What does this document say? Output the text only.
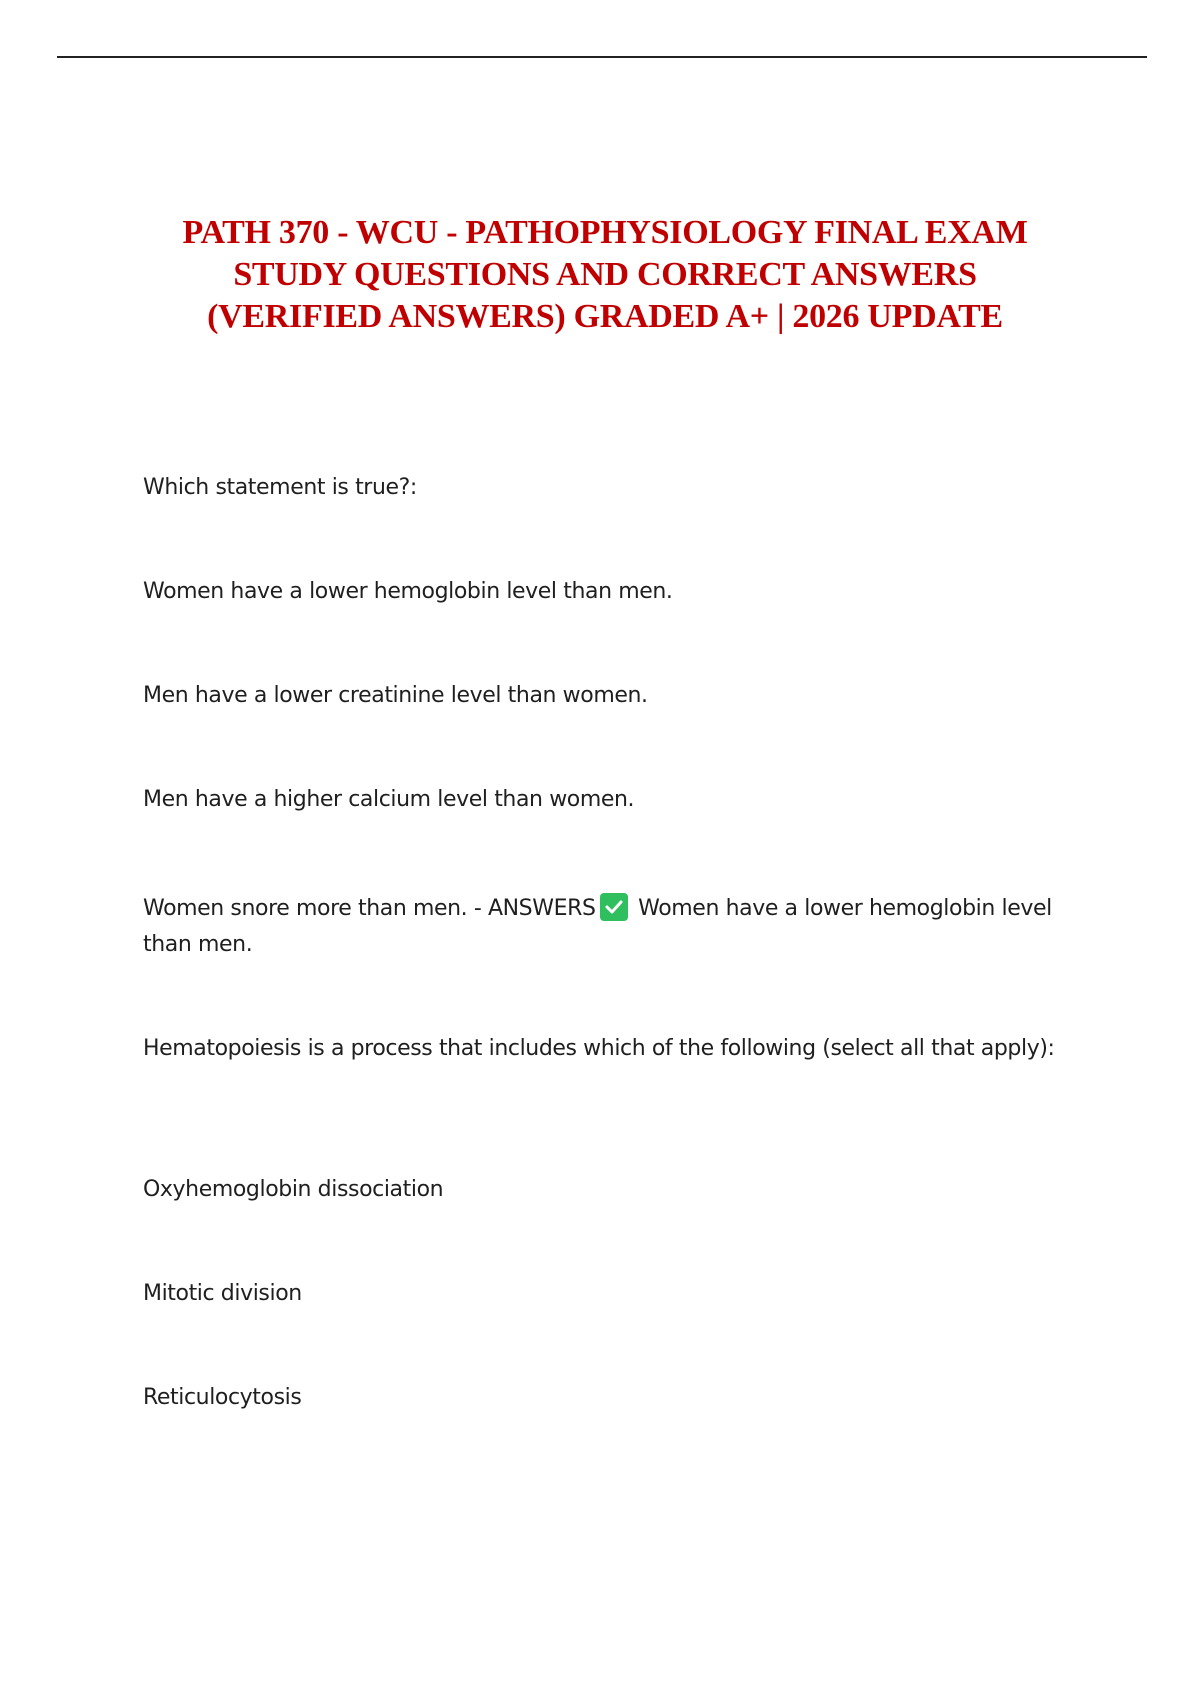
PATH 370 - WCU - PATHOPHYSIOLOGY FINAL EXAM
STUDY QUESTIONS AND CORRECT ANSWERS
(VERIFIED ANSWERS) GRADED A+ | 2026 UPDATE

Which statement is true?:

Women have a lower hemoglobin level than men.

Men have a lower creatinine level than women.

Men have a higher calcium level than women.

Women snore more than men. - ANSWERS Women have a lower hemoglobin level than men.

Hematopoiesis is a process that includes which of the following (select all that apply):

Oxyhemoglobin dissociation

Mitotic division

Reticulocytosis
